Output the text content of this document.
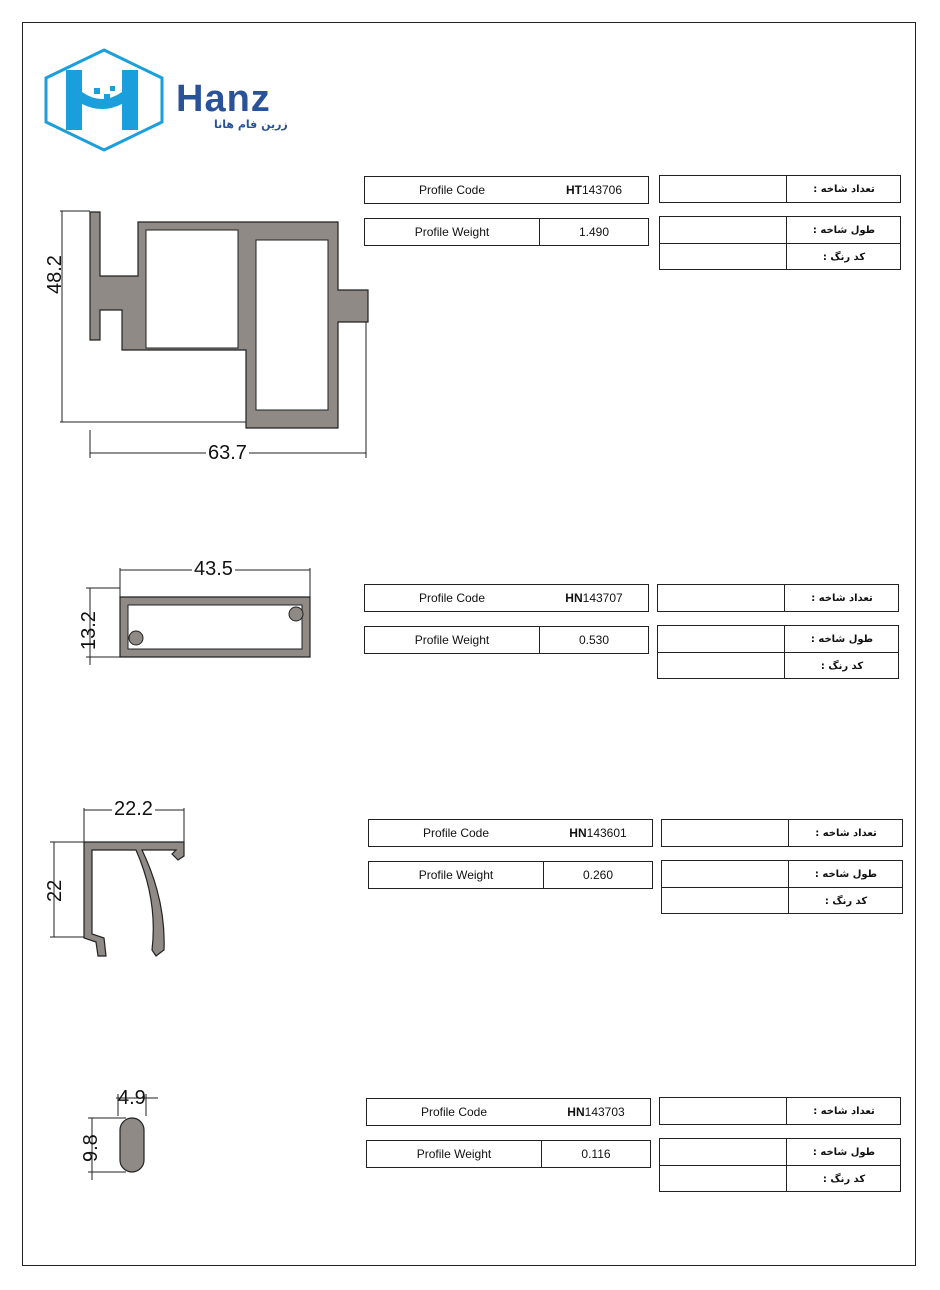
Hanz
زرین فام هانا
48.2
63.7
43.5
13.2
22.2
22
4.9
9.8
Profile Code	HT 143706
Profile Weight	1.490
تعداد شاخه :
طول شاخه :
کد رنگ :
Profile Code	HN 143707
Profile Weight	0.530
تعداد شاخه :
طول شاخه :
کد رنگ :
Profile Code	HN 143601
Profile Weight	0.260
تعداد شاخه :
طول شاخه :
کد رنگ :
Profile Code	HN 143703
Profile Weight	0.116
تعداد شاخه :
طول شاخه :
کد رنگ :
